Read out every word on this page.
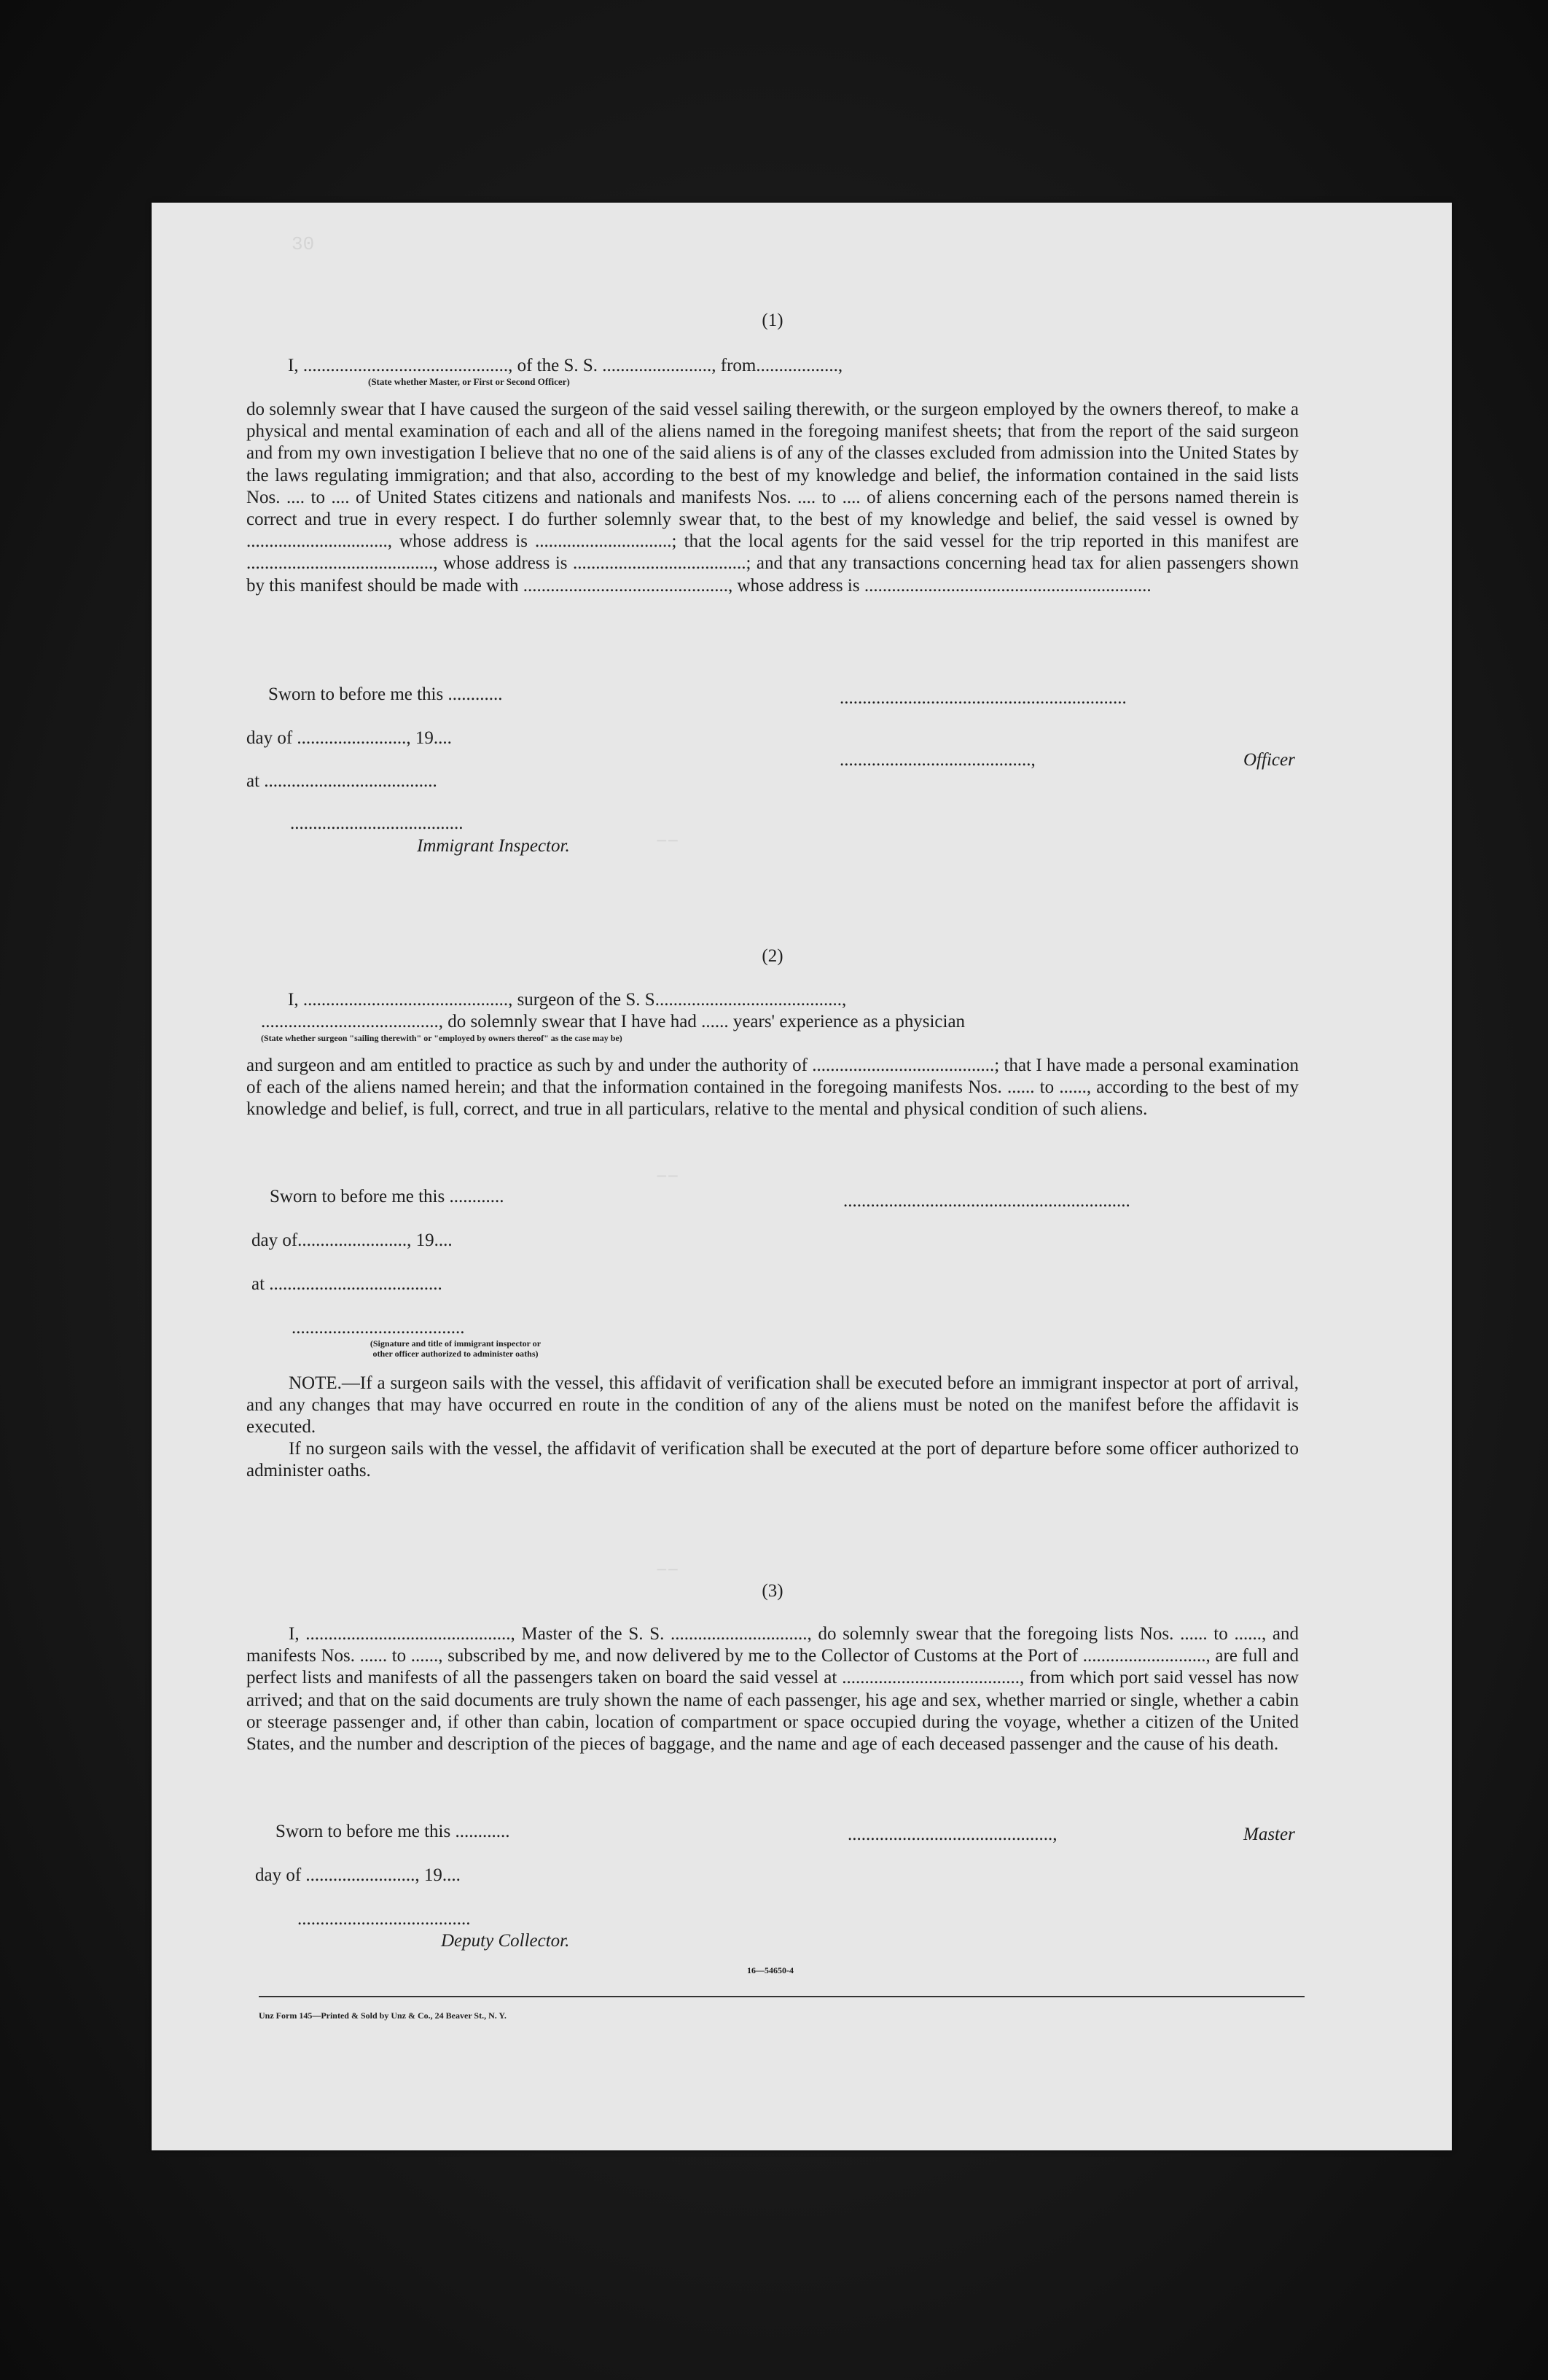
30
−−
−−
−−
(1)
I, ............................................., of the S. S. ........................, from..................,
(State whether Master, or First or Second Officer)
do solemnly swear that I have caused the surgeon of the said vessel sailing therewith, or the surgeon employed by the owners thereof, to make a physical and mental examination of each and all of the aliens named in the foregoing manifest sheets; that from the report of the said surgeon and from my own investigation I believe that no one of the said aliens is of any of the classes excluded from admission into the United States by the laws regulating immigration; and that also, according to the best of my knowledge and belief, the information contained in the said lists Nos. .... to .... of United States citizens and nationals and manifests Nos. .... to .... of aliens concerning each of the persons named therein is correct and true in every respect. I do further solemnly swear that, to the best of my knowledge and belief, the said vessel is owned by ..............................., whose address is ..............................; that the local agents for the said vessel for the trip reported in this manifest are ........................................., whose address is ......................................; and that any transactions concerning head tax for alien passengers shown by this manifest should be made with ............................................., whose address is ...............................................................
Sworn to before me this ............	...............................................................
day of ........................, 19....
..........................................,	Officer
at ......................................
......................................
Immigrant Inspector.
(2)
I, ............................................., surgeon of the S. S.........................................,
......................................., do solemnly swear that I have had ...... years' experience as a physician
(State whether surgeon "sailing therewith" or "employed by owners thereof" as the case may be)
and surgeon and am entitled to practice as such by and under the authority of ........................................; that I have made a personal examination of each of the aliens named herein; and that the information contained in the foregoing manifests Nos. ...... to ......, according to the best of my knowledge and belief, is full, correct, and true in all particulars, relative to the mental and physical condition of such aliens.
Sworn to before me this ............	...............................................................
day of........................, 19....
at ......................................
......................................
(Signature and title of immigrant inspector or
other officer authorized to administer oaths)
NOTE.—If a surgeon sails with the vessel, this affidavit of verification shall be executed before an immigrant inspector at port of arrival, and any changes that may have occurred en route in the condition of any of the aliens must be noted on the manifest before the affidavit is executed.
If no surgeon sails with the vessel, the affidavit of verification shall be executed at the port of departure before some officer authorized to administer oaths.
(3)
I, ............................................., Master of the S. S. .............................., do solemnly swear that the foregoing lists Nos. ...... to ......, and manifests Nos. ...... to ......, subscribed by me, and now delivered by me to the Collector of Customs at the Port of ..........................., are full and perfect lists and manifests of all the passengers taken on board the said vessel at ......................................., from which port said vessel has now arrived; and that on the said documents are truly shown the name of each passenger, his age and sex, whether married or single, whether a cabin or steerage passenger and, if other than cabin, location of compartment or space occupied during the voyage, whether a citizen of the United States, and the number and description of the pieces of baggage, and the name and age of each deceased passenger and the cause of his death.
Sworn to before me this ............	.............................................,	Master
day of ........................, 19....
......................................
Deputy Collector.
16—54650-4
Unz Form 145—Printed & Sold by Unz & Co., 24 Beaver St., N. Y.
